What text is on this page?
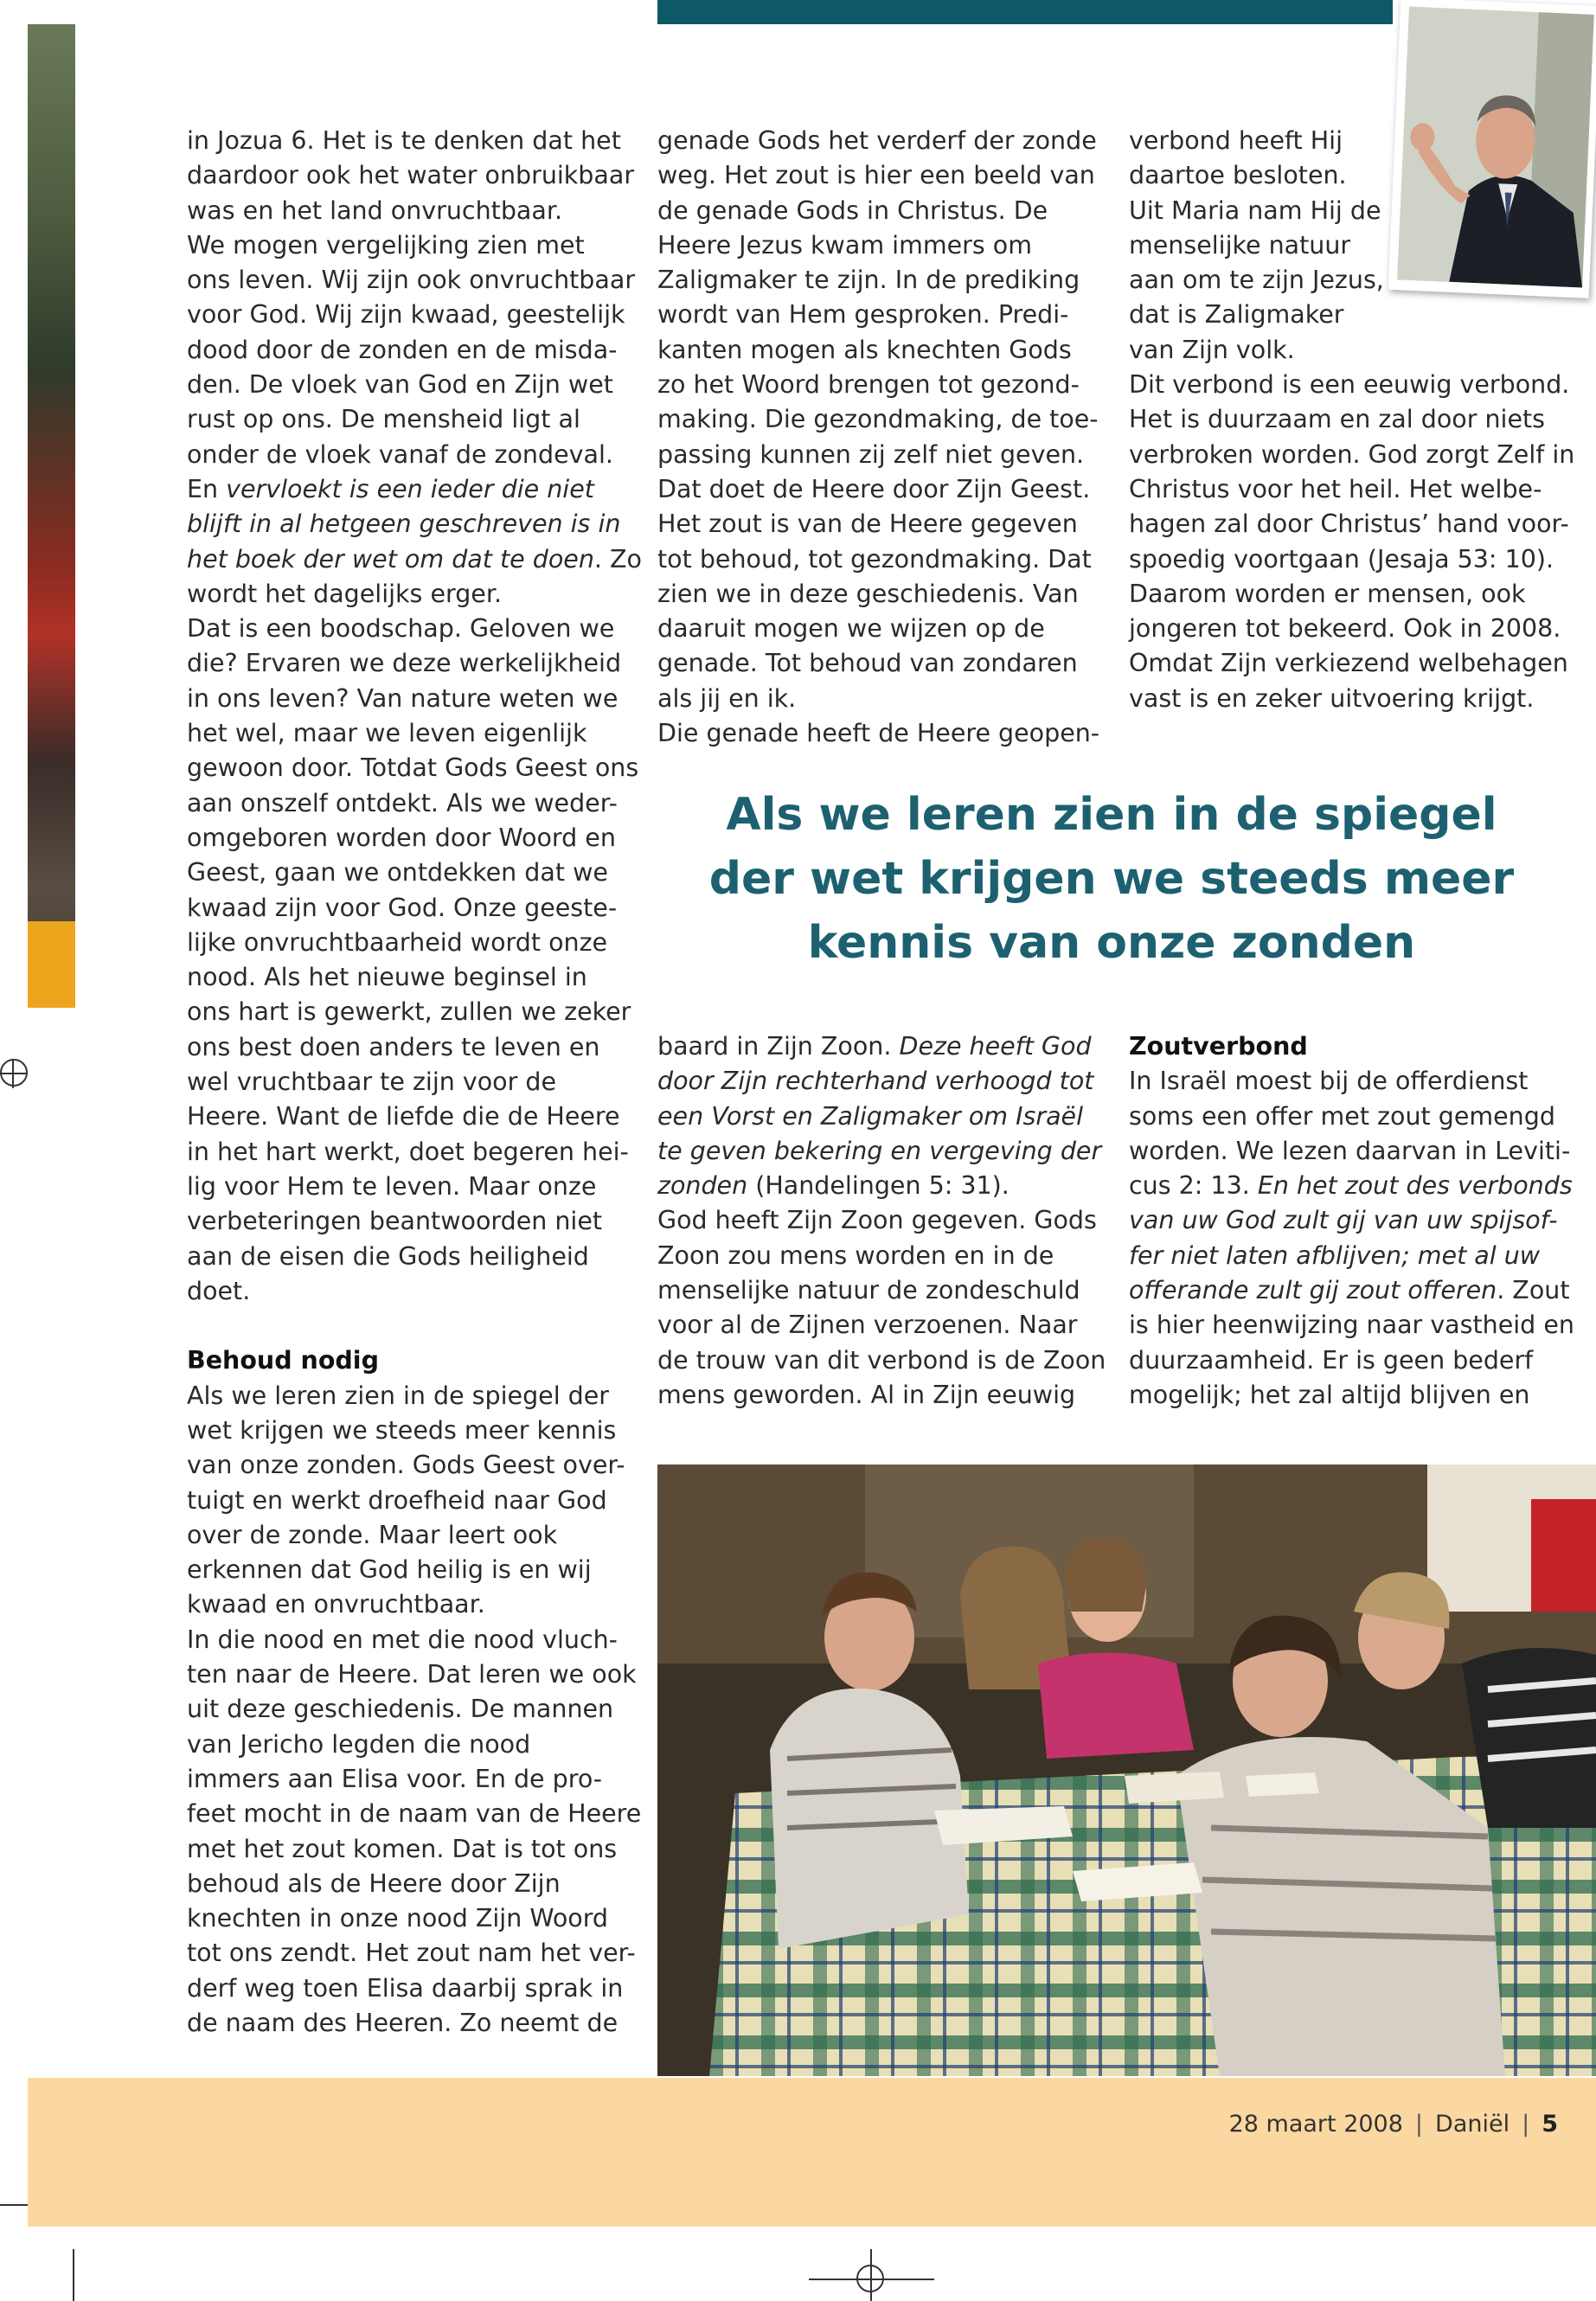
in Jozua 6. Het is te denken dat het
daardoor ook het water onbruikbaar
was en het land onvruchtbaar.
We mogen vergelijking zien met
ons leven. Wij zijn ook onvruchtbaar
voor God. Wij zijn kwaad, geestelijk
dood door de zonden en de misda-
den. De vloek van God en Zijn wet
rust op ons. De mensheid ligt al
onder de vloek vanaf de zondeval.
En vervloekt is een ieder die niet
blijft in al hetgeen geschreven is in
het boek der wet om dat te doen. Zo
wordt het dagelijks erger.
Dat is een boodschap. Geloven we
die? Ervaren we deze werkelijkheid
in ons leven? Van nature weten we
het wel, maar we leven eigenlijk
gewoon door. Totdat Gods Geest ons
aan onszelf ontdekt. Als we weder-
omgeboren worden door Woord en
Geest, gaan we ontdekken dat we
kwaad zijn voor God. Onze geeste-
lijke onvruchtbaarheid wordt onze
nood. Als het nieuwe beginsel in
ons hart is gewerkt, zullen we zeker
ons best doen anders te leven en
wel vruchtbaar te zijn voor de
Heere. Want de liefde die de Heere
in het hart werkt, doet begeren hei-
lig voor Hem te leven. Maar onze
verbeteringen beantwoorden niet
aan de eisen die Gods heiligheid
doet.
Behoud nodig
Als we leren zien in de spiegel der
wet krijgen we steeds meer kennis
van onze zonden. Gods Geest over-
tuigt en werkt droefheid naar God
over de zonde. Maar leert ook
erkennen dat God heilig is en wij
kwaad en onvruchtbaar.
In die nood en met die nood vluch-
ten naar de Heere. Dat leren we ook
uit deze geschiedenis. De mannen
van Jericho legden die nood
immers aan Elisa voor. En de pro-
feet mocht in de naam van de Heere
met het zout komen. Dat is tot ons
behoud als de Heere door Zijn
knechten in onze nood Zijn Woord
tot ons zendt. Het zout nam het ver-
derf weg toen Elisa daarbij sprak in
de naam des Heeren. Zo neemt de
genade Gods het verderf der zonde
weg. Het zout is hier een beeld van
de genade Gods in Christus. De
Heere Jezus kwam immers om
Zaligmaker te zijn. In de prediking
wordt van Hem gesproken. Predi-
kanten mogen als knechten Gods
zo het Woord brengen tot gezond-
making. Die gezondmaking, de toe-
passing kunnen zij zelf niet geven.
Dat doet de Heere door Zijn Geest.
Het zout is van de Heere gegeven
tot behoud, tot gezondmaking. Dat
zien we in deze geschiedenis. Van
daaruit mogen we wijzen op de
genade. Tot behoud van zondaren
als jij en ik.
Die genade heeft de Heere geopen-
verbond heeft Hij
daartoe besloten.
Uit Maria nam Hij de
menselijke natuur
aan om te zijn Jezus,
dat is Zaligmaker
van Zijn volk.
Dit verbond is een eeuwig verbond.
Het is duurzaam en zal door niets
verbroken worden. God zorgt Zelf in
Christus voor het heil. Het welbe-
hagen zal door Christus’ hand voor-
spoedig voortgaan (Jesaja 53: 10).
Daarom worden er mensen, ook
jongeren tot bekeerd. Ook in 2008.
Omdat Zijn verkiezend welbehagen
vast is en zeker uitvoering krijgt.
Als we leren zien in de spiegel
der wet krijgen we steeds meer
kennis van onze zonden
baard in Zijn Zoon. Deze heeft God
door Zijn rechterhand verhoogd tot
een Vorst en Zaligmaker om Israël
te geven bekering en vergeving der
zonden (Handelingen 5: 31).
God heeft Zijn Zoon gegeven. Gods
Zoon zou mens worden en in de
menselijke natuur de zondeschuld
voor al de Zijnen verzoenen. Naar
de trouw van dit verbond is de Zoon
mens geworden. Al in Zijn eeuwig
Zoutverbond
In Israël moest bij de offerdienst
soms een offer met zout gemengd
worden. We lezen daarvan in Leviti-
cus 2: 13. En het zout des verbonds
van uw God zult gij van uw spijsof-
fer niet laten afblijven; met al uw
offerande zult gij zout offeren. Zout
is hier heenwijzing naar vastheid en
duurzaamheid. Er is geen bederf
mogelijk; het zal altijd blijven en
28 maart 2008 | Daniël | 5
